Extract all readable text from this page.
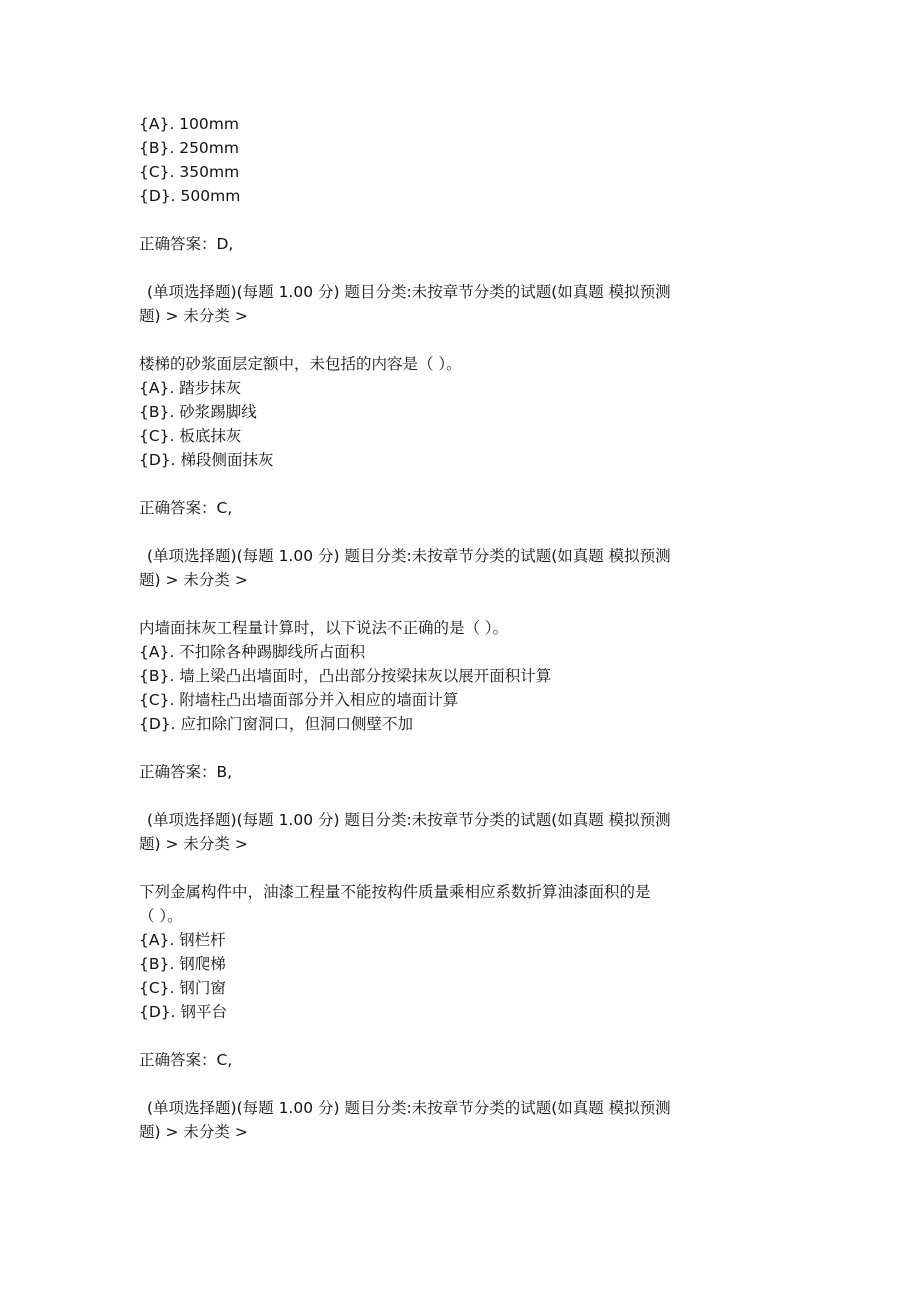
{A}. 100mm
{B}. 250mm
{C}. 350mm
{D}. 500mm
正确答案：D,
(单项选择题)(每题 1.00 分) 题目分类:未按章节分类的试题(如真题 模拟预测
题) > 未分类 >
楼梯的砂浆面层定额中，未包括的内容是（ ）。
{A}. 踏步抹灰
{B}. 砂浆踢脚线
{C}. 板底抹灰
{D}. 梯段侧面抹灰
正确答案：C,
(单项选择题)(每题 1.00 分) 题目分类:未按章节分类的试题(如真题 模拟预测
题) > 未分类 >
内墙面抹灰工程量计算时，以下说法不正确的是（ ）。
{A}. 不扣除各种踢脚线所占面积
{B}. 墙上梁凸出墙面时，凸出部分按梁抹灰以展开面积计算
{C}. 附墙柱凸出墙面部分并入相应的墙面计算
{D}. 应扣除门窗洞口，但洞口侧壁不加
正确答案：B,
(单项选择题)(每题 1.00 分) 题目分类:未按章节分类的试题(如真题 模拟预测
题) > 未分类 >
下列金属构件中，油漆工程量不能按构件质量乘相应系数折算油漆面积的是
（ ）。
{A}. 钢栏杆
{B}. 钢爬梯
{C}. 钢门窗
{D}. 钢平台
正确答案：C,
(单项选择题)(每题 1.00 分) 题目分类:未按章节分类的试题(如真题 模拟预测
题) > 未分类 >
